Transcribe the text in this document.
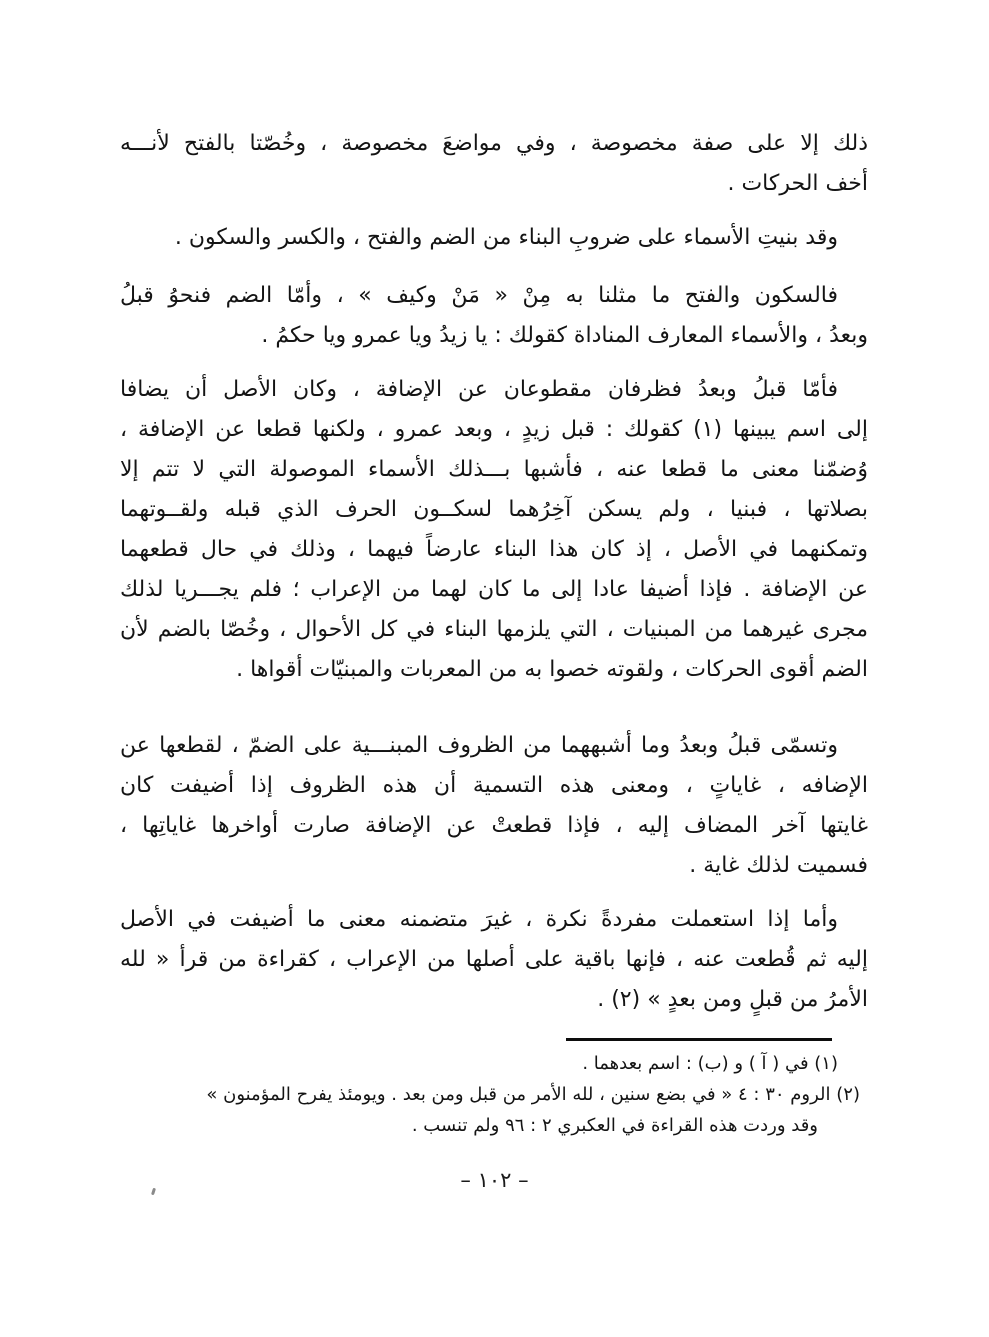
ذلك إلا على صفة مخصوصة ، وفي مواضعَ مخصوصة ، وخُصّتا بالفتح لأنـــه
أخف الحركات .
وقد بنيتِ الأسماء على ضروبِ البناء من الضم والفتح ، والكسر والسكون .
فالسكون والفتح ما مثلنا به مِنْ « مَنْ وكيف » ، وأمّا الضم فنحوُ قبلُ
وبعدُ ، والأسماء المعارف المناداة كقولك : يا زيدُ ويا عمرو ويا حكمُ .
فأمّا قبلُ وبعدُ فظرفان مقطوعان عن الإضافة ، وكان الأصل أن يضافا
إلى اسم يبينها (١) كقولك : قبل زيدٍ ، وبعد عمرو ، ولكنها قطعا عن الإضافة ،
وُضمّنا معنى ما قطعا عنه ، فأشبها بـــذلك الأسماء الموصولة التي لا تتم إلا
بصلاتها ، فبنيا ، ولم يسكن آخِرُهما لسكــون الحرف الذي قبله ولقــوتهما
وتمكنهما في الأصل ، إذ كان هذا البناء عارضاً فيهما ، وذلك في حال قطعهما
عن الإضافة . فإذا أضيفا عادا إلى ما كان لهما من الإعراب ؛ فلم يجـــريا لذلك
مجرى غيرهما من المبنيات ، التي يلزمها البناء في كل الأحوال ، وخُصّا بالضم لأن
الضم أقوى الحركات ، ولقوته خصوا به من المعربات والمبنيّات أقواها .
وتسمّى قبلُ وبعدُ وما أشبههما من الظروف المبنـــية على الضمّ ، لقطعها عن
الإضافه ، غاياتٍ ، ومعنى هذه التسمية أن هذه الظروف إذا أضيفت كان
غايتها آخر المضاف إليه ، فإذا قطعتْ عن الإضافة صارت أواخرها غاياتِها ،
فسميت لذلك غاية .
وأما إذا استعملت مفردةً نكرة ، غيرَ متضمنه معنى ما أضيفت في الأصل
إليه ثم قُطعت عنه ، فإنها باقية على أصلها من الإعراب ، كقراءة من قرأ « لله
الأمرُ من قبلٍ ومن بعدٍ » (٢) .
(١) في ( آ ) و (ب) : اسم بعدهما .
(٢) الروم ٣٠ : ٤ « في بضع سنين ، لله الأمر من قبل ومن بعد . ويومئذ يفرح المؤمنون »
وقد وردت هذه القراءة في العكبري ٢ : ٩٦ ولم تنسب .
– ١٠٢ –
